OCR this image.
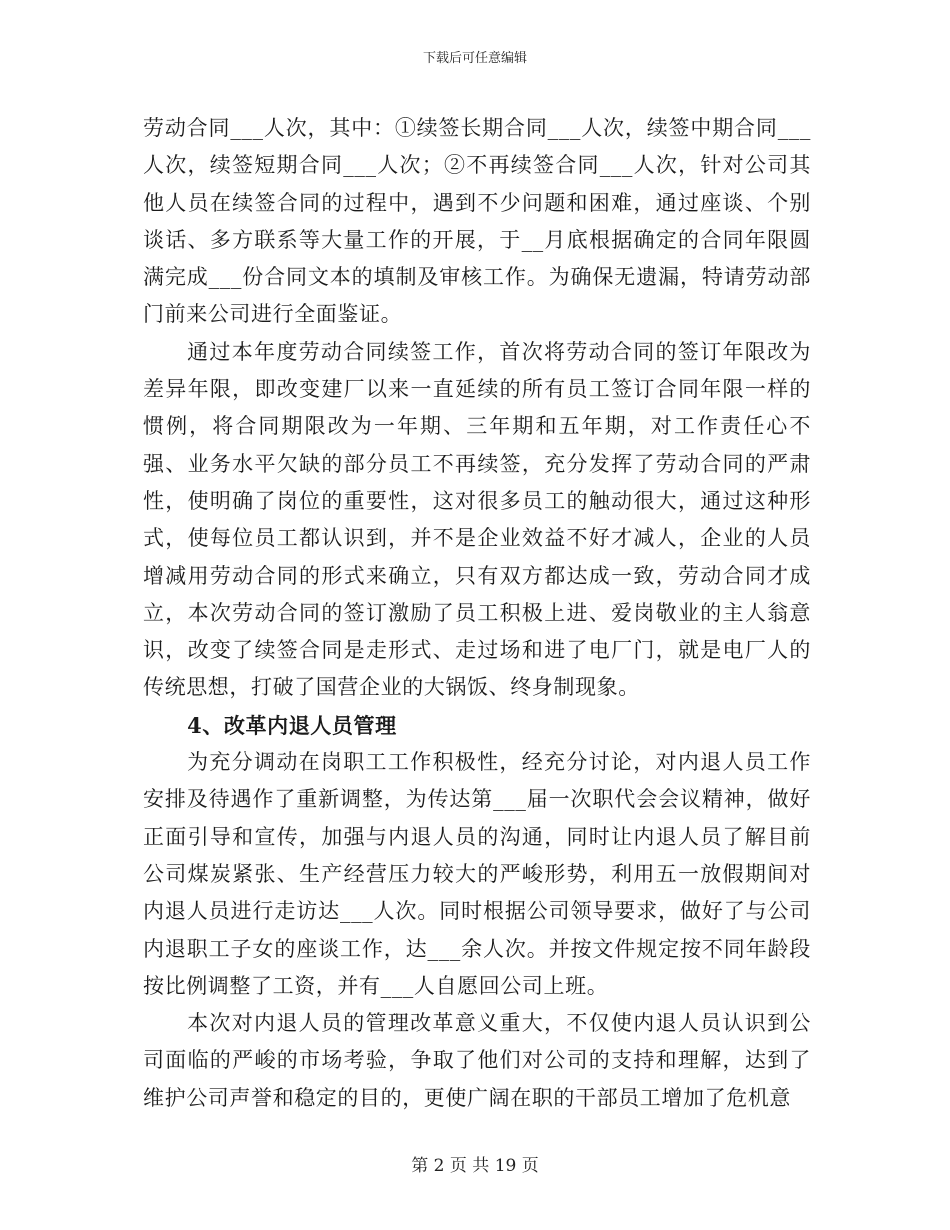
下载后可任意编辑

劳动合同___人次，其中：①续签长期合同___人次，续签中期合同___人次，续签短期合同___人次；②不再续签合同___人次，针对公司其他人员在续签合同的过程中，遇到不少问题和困难，通过座谈、个别谈话、多方联系等大量工作的开展，于__月底根据确定的合同年限圆满完成___份合同文本的填制及审核工作。为确保无遗漏，特请劳动部门前来公司进行全面鉴证。

通过本年度劳动合同续签工作，首次将劳动合同的签订年限改为差异年限，即改变建厂以来一直延续的所有员工签订合同年限一样的惯例，将合同期限改为一年期、三年期和五年期，对工作责任心不强、业务水平欠缺的部分员工不再续签，充分发挥了劳动合同的严肃性，使明确了岗位的重要性，这对很多员工的触动很大，通过这种形式，使每位员工都认识到，并不是企业效益不好才减人，企业的人员增减用劳动合同的形式来确立，只有双方都达成一致，劳动合同才成立，本次劳动合同的签订激励了员工积极上进、爱岗敬业的主人翁意识，改变了续签合同是走形式、走过场和进了电厂门，就是电厂人的传统思想，打破了国营企业的大锅饭、终身制现象。

4、改革内退人员管理

为充分调动在岗职工工作积极性，经充分讨论，对内退人员工作安排及待遇作了重新调整，为传达第___届一次职代会会议精神，做好正面引导和宣传，加强与内退人员的沟通，同时让内退人员了解目前公司煤炭紧张、生产经营压力较大的严峻形势，利用五一放假期间对内退人员进行走访达___人次。同时根据公司领导要求，做好了与公司内退职工子女的座谈工作，达___余人次。并按文件规定按不同年龄段按比例调整了工资，并有___人自愿回公司上班。

本次对内退人员的管理改革意义重大，不仅使内退人员认识到公司面临的严峻的市场考验，争取了他们对公司的支持和理解，达到了维护公司声誉和稳定的目的，更使广阔在职的干部员工增加了危机意

第 2 页 共 19 页
